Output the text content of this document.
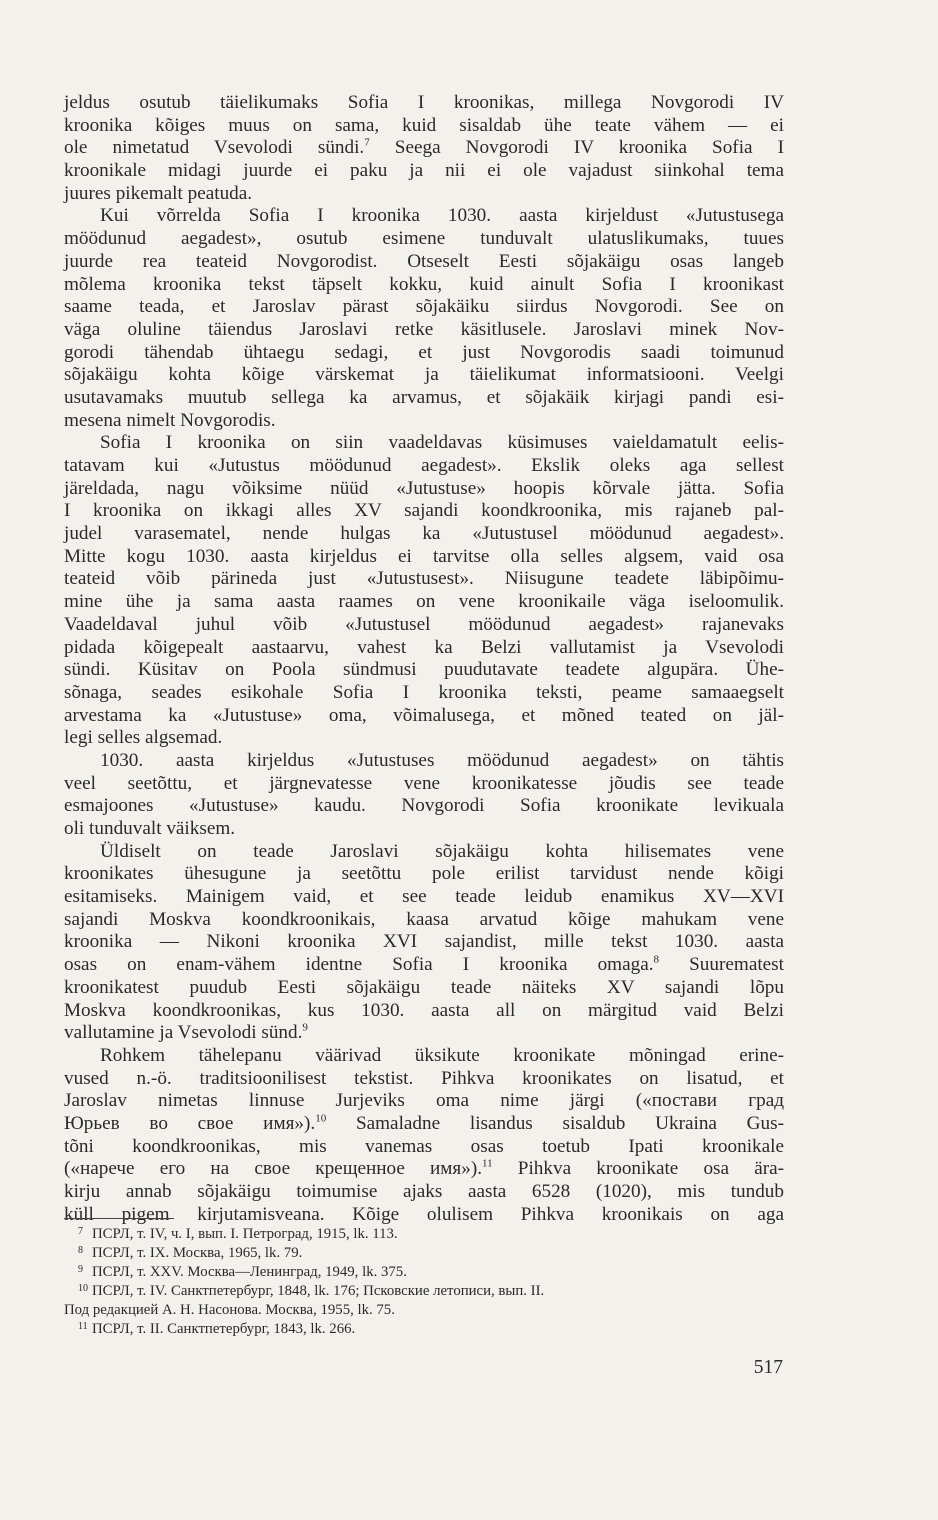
jeldus osutub täielikumaks Sofia I kroonikas, millega Novgorodi IV
kroonika kõiges muus on sama, kuid sisaldab ühe teate vähem — ei
ole nimetatud Vsevolodi sündi.$^7$ Seega Novgorodi IV kroonika Sofia I
kroonikale midagi juurde ei paku ja nii ei ole vajadust siinkohal tema
juures pikemalt peatuda.
Kui võrrelda Sofia I kroonika 1030. aasta kirjeldust «Jutustusega
möödunud aegadest», osutub esimene tunduvalt ulatuslikumaks, tuues
juurde rea teateid Novgorodist. Otseselt Eesti sõjakäigu osas langeb
mõlema kroonika tekst täpselt kokku, kuid ainult Sofia I kroonikast
saame teada, et Jaroslav pärast sõjakäiku siirdus Novgorodi. See on
väga oluline täiendus Jaroslavi retke käsitlusele. Jaroslavi minek Nov-
gorodi tähendab ühtaegu sedagi, et just Novgorodis saadi toimunud
sõjakäigu kohta kõige värskemat ja täielikumat informatsiooni. Veelgi
usutavamaks muutub sellega ka arvamus, et sõjakäik kirjagi pandi esi-
mesena nimelt Novgorodis.
Sofia I kroonika on siin vaadeldavas küsimuses vaieldamatult eelis-
tatavam kui «Jutustus möödunud aegadest». Ekslik oleks aga sellest
järeldada, nagu võiksime nüüd «Jutustuse» hoopis kõrvale jätta. Sofia
I kroonika on ikkagi alles XV sajandi koondkroonika, mis rajaneb pal-
judel varasematel, nende hulgas ka «Jutustusel möödunud aegadest».
Mitte kogu 1030. aasta kirjeldus ei tarvitse olla selles algsem, vaid osa
teateid võib pärineda just «Jutustusest». Niisugune teadete läbipõimu-
mine ühe ja sama aasta raames on vene kroonikaile väga iseloomulik.
Vaadeldaval juhul võib «Jutustusel möödunud aegadest» rajanevaks
pidada kõigepealt aastaarvu, vahest ka Belzi vallutamist ja Vsevolodi
sündi. Küsitav on Poola sündmusi puudutavate teadete algupära. Ühe-
sõnaga, seades esikohale Sofia I kroonika teksti, peame samaaegselt
arvestama ka «Jutustuse» oma, võimalusega, et mõned teated on jäl-
legi selles algsemad.
1030. aasta kirjeldus «Jutustuses möödunud aegadest» on tähtis
veel seetõttu, et järgnevatesse vene kroonikatesse jõudis see teade
esmajoones «Jutustuse» kaudu. Novgorodi Sofia kroonikate levikuala
oli tunduvalt väiksem.
Üldiselt on teade Jaroslavi sõjakäigu kohta hilisemates vene
kroonikates ühesugune ja seetõttu pole erilist tarvidust nende kõigi
esitamiseks. Mainigem vaid, et see teade leidub enamikus XV—XVI
sajandi Moskva koondkroonikais, kaasa arvatud kõige mahukam vene
kroonika — Nikoni kroonika XVI sajandist, mille tekst 1030. aasta
osas on enam-vähem identne Sofia I kroonika omaga.$^8$ Suurematest
kroonikatest puudub Eesti sõjakäigu teade näiteks XV sajandi lõpu
Moskva koondkroonikas, kus 1030. aasta all on märgitud vaid Belzi
vallutamine ja Vsevolodi sünd.$^9$
Rohkem tähelepanu väärivad üksikute kroonikate mõningad erine-
vused n.-ö. traditsioonilisest tekstist. Pihkva kroonikates on lisatud, et
Jaroslav nimetas linnuse Jurjeviks oma nime järgi («постави град
Юрьев во свое имя»).$^{10}$ Samaladne lisandus sisaldub Ukraina Gus-
tõni koondkroonikas, mis vanemas osas toetub Ipati kroonikale
(«нарече его на свое крещенное имя»).$^{11}$ Pihkva kroonikate osa ära-
kirju annab sõjakäigu toimumise ajaks aasta 6528 (1020), mis tundub
küll pigem kirjutamisveana. Kõige olulisem Pihkva kroonikais on aga
7 ПСРЛ, т. IV, ч. I, вып. I. Петроград, 1915, lk. 113.
8 ПСРЛ, т. IX. Москва, 1965, lk. 79.
9 ПСРЛ, т. XXV. Москва—Ленинград, 1949, lk. 375.
10 ПСРЛ, т. IV. Санктпетербург, 1848, lk. 176; Псковские летописи, вып. II.
Под редакцией А. Н. Насонова. Москва, 1955, lk. 75.
11 ПСРЛ, т. II. Санктпетербург, 1843, lk. 266.
517
